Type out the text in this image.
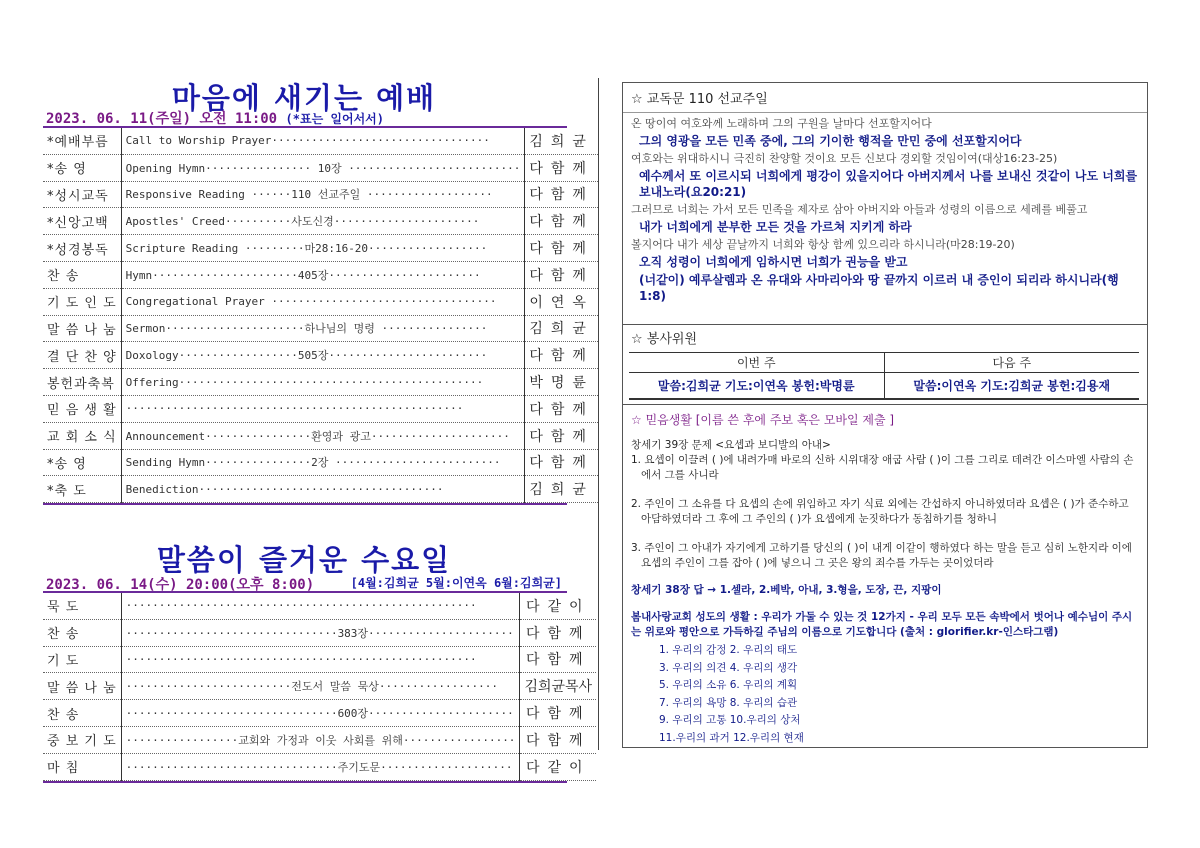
마음에 새기는 예배
2023. 06. 11(주일) 오전 11:00 (*표는 일어서서)
*예배부름	Call to Worship Prayer·································	김희균
*송 영	Opening Hymn················ 10장 ··························	다함께
*성시교독	Responsive Reading ······110 선교주일 ···················	다함께
*신앙고백	Apostles' Creed··········사도신경······················	다함께
*성경봉독	Scripture Reading ·········마28:16-20··················	다함께
찬 송	Hymn······················405장·······················	다함께
기 도 인 도	Congregational Prayer ··································	이연옥
말 씀 나 눔	Sermon·····················하나님의 명령 ················	김희균
결 단 찬 양	Doxology··················505장························	다함께
봉헌과축복	Offering··············································	박명륜
믿 음 생 활	···················································	다함께
교 회 소 식	Announcement················환영과 광고·····················	다함께
*송 영	Sending Hymn················2장 ·························	다함께
*축 도	Benediction·····································	김희균
말씀이 즐거운 수요일
2023. 06. 14(수) 20:00(오후 8:00)	[4월:김희균 5월:이연옥 6월:김희균]
묵 도	·····················································	다같이
찬 송	································383장······················	다함께
기 도	·····················································	다함께
말 씀 나 눔	·························전도서 말씀 묵상··················	김희균목사
찬 송	································600장······················	다함께
중 보 기 도	·················교회와 가정과 이웃 사회를 위해·················	다함께
마 침	································주기도문····················	다같이
☆ 교독문 110 선교주일
온 땅이여 여호와께 노래하며 그의 구원을 날마다 선포할지어다
그의 영광을 모든 민족 중에, 그의 기이한 행적을 만민 중에 선포할지어다
여호와는 위대하시니 극진히 찬양할 것이요 모든 신보다 경외할 것임이여(대상16:23-25)
예수께서 또 이르시되 너희에게 평강이 있을지어다 아버지께서 나를 보내신 것같이 나도 너희를 보내노라(요20:21)
그러므로 너희는 가서 모든 민족을 제자로 삼아 아버지와 아들과 성령의 이름으로 세례를 베풀고
내가 너희에게 분부한 모든 것을 가르쳐 지키게 하라
볼지어다 내가 세상 끝날까지 너희와 항상 함께 있으리라 하시니라(마28:19-20)
오직 성령이 너희에게 임하시면 너희가 권능을 받고
(너같이) 예루살렘과 온 유대와 사마리아와 땅 끝까지 이르러 내 증인이 되리라 하시니라(행1:8)
☆ 봉사위원
이번 주	다음 주
말씀:김희균 기도:이연옥 봉헌:박명륜	말씀:이연옥 기도:김희균 봉헌:김용재
☆ 믿음생활 [이름 쓴 후에 주보 혹은 모바일 제출 ]
창세기 39장 문제 <요셉과 보디발의 아내>
1. 요셉이 이끌려 ( )에 내려가매 바로의 신하 시위대장 애굽 사람 ( )이 그를 그리로 데려간 이스마엘 사람의 손에서 그를 사니라
2. 주인이 그 소유를 다 요셉의 손에 위임하고 자기 식료 외에는 간섭하지 아니하였더라 요셉은 ( )가 준수하고 아담하였더라 그 후에 그 주인의 ( )가 요셉에게 눈짓하다가 동침하기를 청하니
3. 주인이 그 아내가 자기에게 고하기를 당신의 ( )이 내게 이같이 행하였다 하는 말을 듣고 심히 노한지라 이에 요셉의 주인이 그를 잡아 ( )에 넣으니 그 곳은 왕의 죄수를 가두는 곳이었더라
창세기 38장 답 → 1.셀라, 2.베박, 아내, 3.형을, 도장, 끈, 지팡이
봄내사랑교회 성도의 생활 : 우리가 가둘 수 있는 것 12가지 - 우리 모두 모든 속박에서 벗어나 예수님이 주시는 위로와 평안으로 가득하길 주님의 이름으로 기도합니다 (출처 : glorifier.kr-인스타그램)
1. 우리의 감정 2. 우리의 태도
3. 우리의 의견 4. 우리의 생각
5. 우리의 소유 6. 우리의 계획
7. 우리의 욕망 8. 우리의 습관
9. 우리의 고통 10.우리의 상처
11.우리의 과거 12.우리의 현재
